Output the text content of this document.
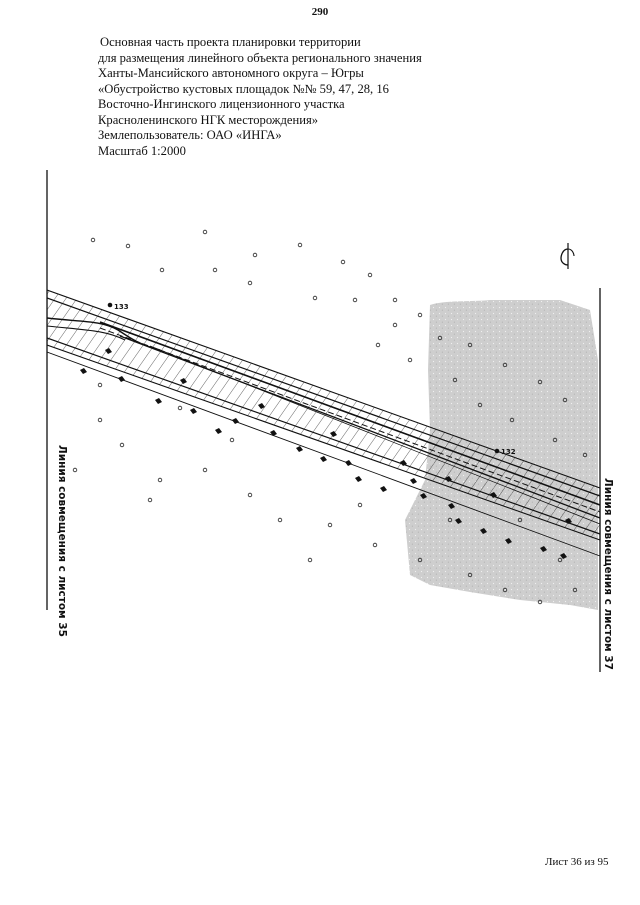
290
Основная часть проекта планировки территории
для размещения линейного объекта регионального значения
Ханты-Мансийского автономного округа – Югры
«Обустройство кустовых площадок №№ 59, 47, 28, 16
Восточно-Ингинского лицензионного участка
Красноленинского НГК месторождения»
Землепользователь: ОАО «ИНГА»
Масштаб 1:2000
133
132
Линия совмещения с листом 35	Линия совмещения с листом 37
Лист 36 из 95
